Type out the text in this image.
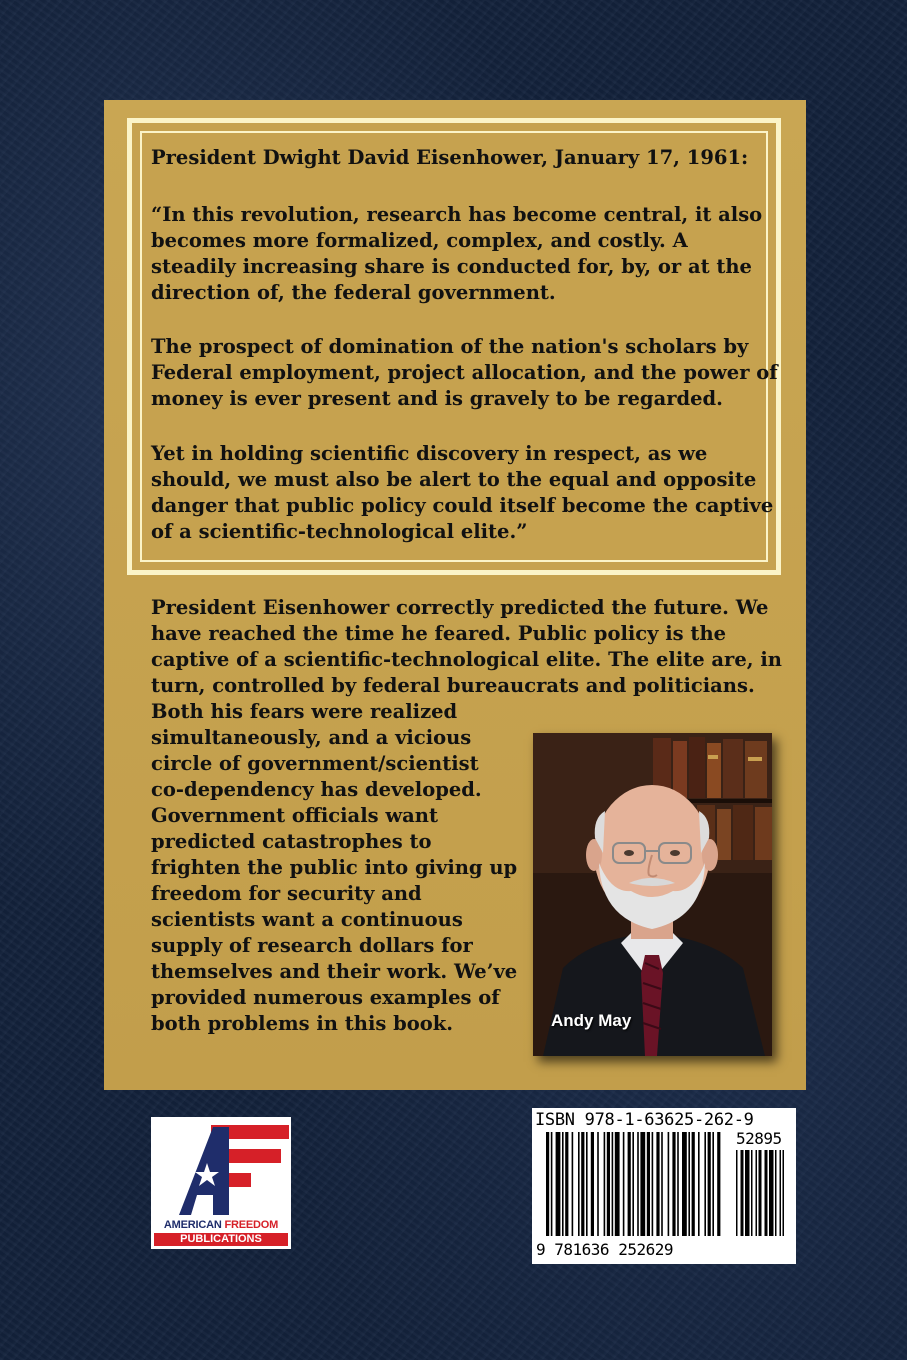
President Dwight David Eisenhower, January 17, 1961:

“In this revolution, research has become central, it also

becomes more formalized, complex, and costly. A

steadily increasing share is conducted for, by, or at the

direction of, the federal government.

The prospect of domination of the nation's scholars by

Federal employment, project allocation, and the power of

money is ever present and is gravely to be regarded.

Yet in holding scientific discovery in respect, as we

should, we must also be alert to the equal and opposite

danger that public policy could itself become the captive

of a scientific-technological elite.”

President Eisenhower correctly predicted the future. We

have reached the time he feared. Public policy is the

captive of a scientific-technological elite. The elite are, in

turn, controlled by federal bureaucrats and politicians.

Both his fears were realized

simultaneously, and a vicious

circle of government/scientist

co-dependency has developed.

Government officials want

predicted catastrophes to

frighten the public into giving up

freedom for security and

scientists want a continuous

supply of research dollars for

themselves and their work. We’ve

provided numerous examples of

both problems in this book.	Andy May
AMERICAN FREEDOM
PUBLICATIONS
ISBN 978-1-63625-262-9
52895
9 781636 252629
